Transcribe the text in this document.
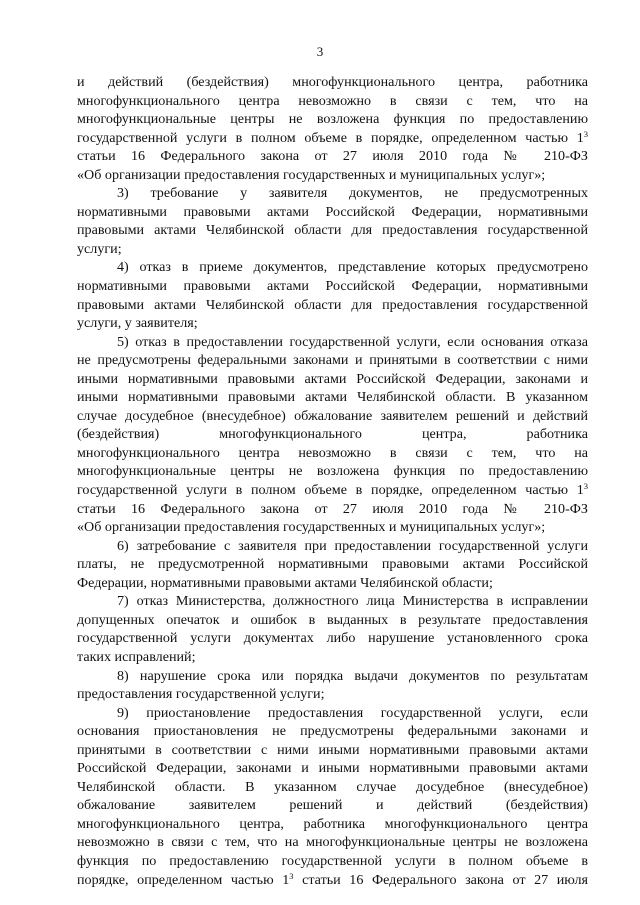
3
и действий (бездействия) многофункционального центра, работника
многофункционального центра невозможно в связи с тем, что на
многофункциональные центры не возложена функция по предоставлению
государственной услуги в полном объеме в порядке, определенном частью $1^3$
статьи 16 Федерального закона от 27 июля 2010 года № 210-ФЗ
«Об организации предоставления государственных и муниципальных услуг»;
3) требование у заявителя документов, не предусмотренных
нормативными правовыми актами Российской Федерации, нормативными
правовыми актами Челябинской области для предоставления государственной
услуги;
4) отказ в приеме документов, представление которых предусмотрено
нормативными правовыми актами Российской Федерации, нормативными
правовыми актами Челябинской области для предоставления государственной
услуги, у заявителя;
5) отказ в предоставлении государственной услуги, если основания отказа
не предусмотрены федеральными законами и принятыми в соответствии с ними
иными нормативными правовыми актами Российской Федерации, законами и
иными нормативными правовыми актами Челябинской области. В указанном
случае досудебное (внесудебное) обжалование заявителем решений и действий
(бездействия) многофункционального центра, работника
многофункционального центра невозможно в связи с тем, что на
многофункциональные центры не возложена функция по предоставлению
государственной услуги в полном объеме в порядке, определенном частью $1^3$
статьи 16 Федерального закона от 27 июля 2010 года № 210-ФЗ
«Об организации предоставления государственных и муниципальных услуг»;
6) затребование с заявителя при предоставлении государственной услуги
платы, не предусмотренной нормативными правовыми актами Российской
Федерации, нормативными правовыми актами Челябинской области;
7) отказ Министерства, должностного лица Министерства в исправлении
допущенных опечаток и ошибок в выданных в результате предоставления
государственной услуги документах либо нарушение установленного срока
таких исправлений;
8) нарушение срока или порядка выдачи документов по результатам
предоставления государственной услуги;
9) приостановление предоставления государственной услуги, если
основания приостановления не предусмотрены федеральными законами и
принятыми в соответствии с ними иными нормативными правовыми актами
Российской Федерации, законами и иными нормативными правовыми актами
Челябинской области. В указанном случае досудебное (внесудебное)
обжалование заявителем решений и действий (бездействия)
многофункционального центра, работника многофункционального центра
невозможно в связи с тем, что на многофункциональные центры не возложена
функция по предоставлению государственной услуги в полном объеме в
порядке, определенном частью $1^3$ статьи 16 Федерального закона от 27 июля
